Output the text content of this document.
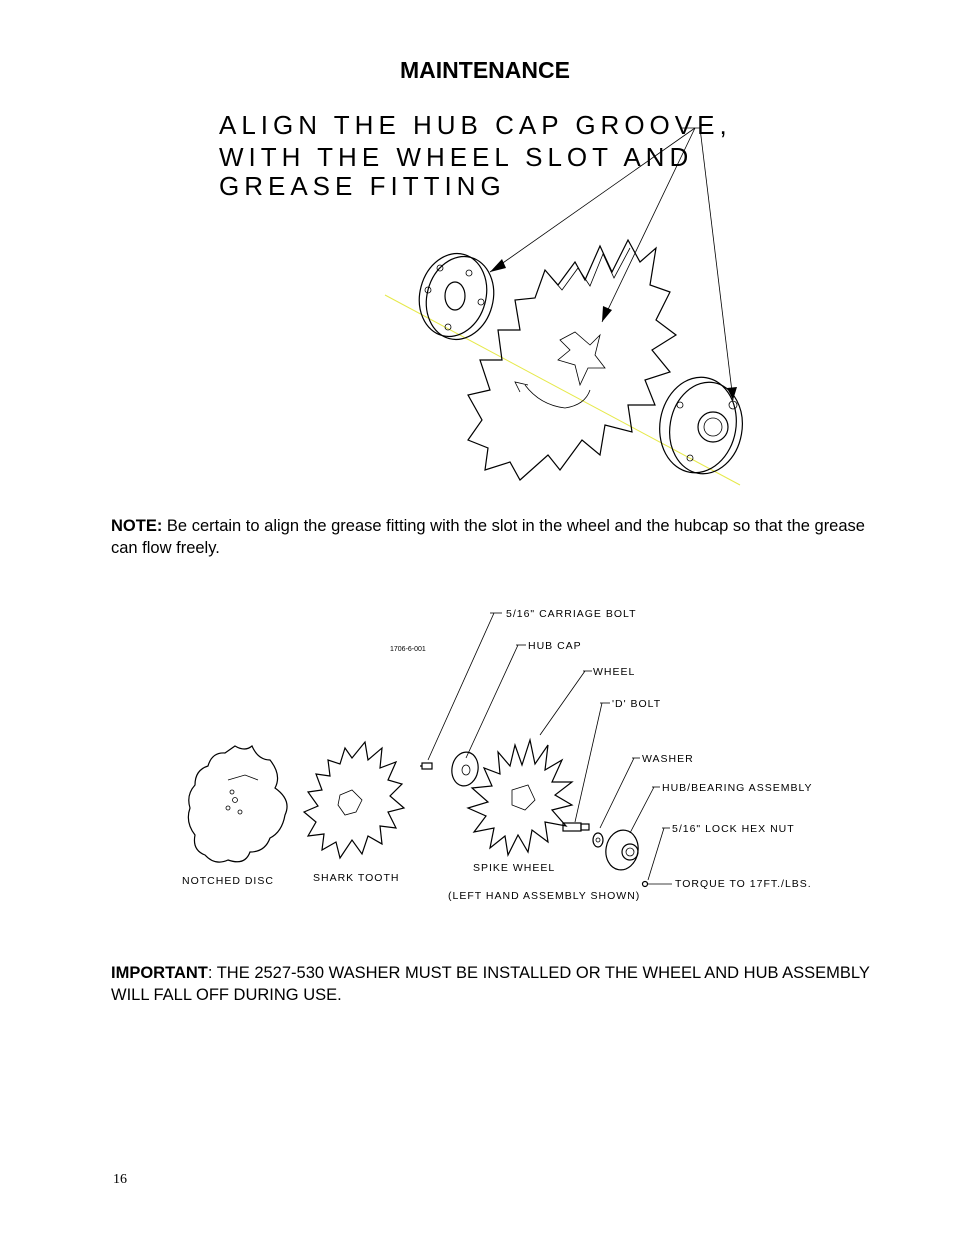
MAINTENANCE
ALIGN THE HUB CAP GROOVE,
WITH THE WHEEL SLOT AND
GREASE FITTING
1706-6-001
5/16" CARRIAGE BOLT
HUB CAP
WHEEL
'D' BOLT
WASHER
HUB/BEARING ASSEMBLY
5/16" LOCK HEX NUT
TORQUE TO 17FT./LBS.
NOTCHED DISC	SHARK TOOTH
SPIKE WHEEL
(LEFT HAND ASSEMBLY SHOWN)
NOTE: Be certain to align the grease fitting with the slot in the wheel and the hubcap so that the grease can flow freely.
IMPORTANT: THE 2527-530 WASHER MUST BE INSTALLED OR THE WHEEL AND HUB ASSEMBLY WILL FALL OFF DURING USE.
16
